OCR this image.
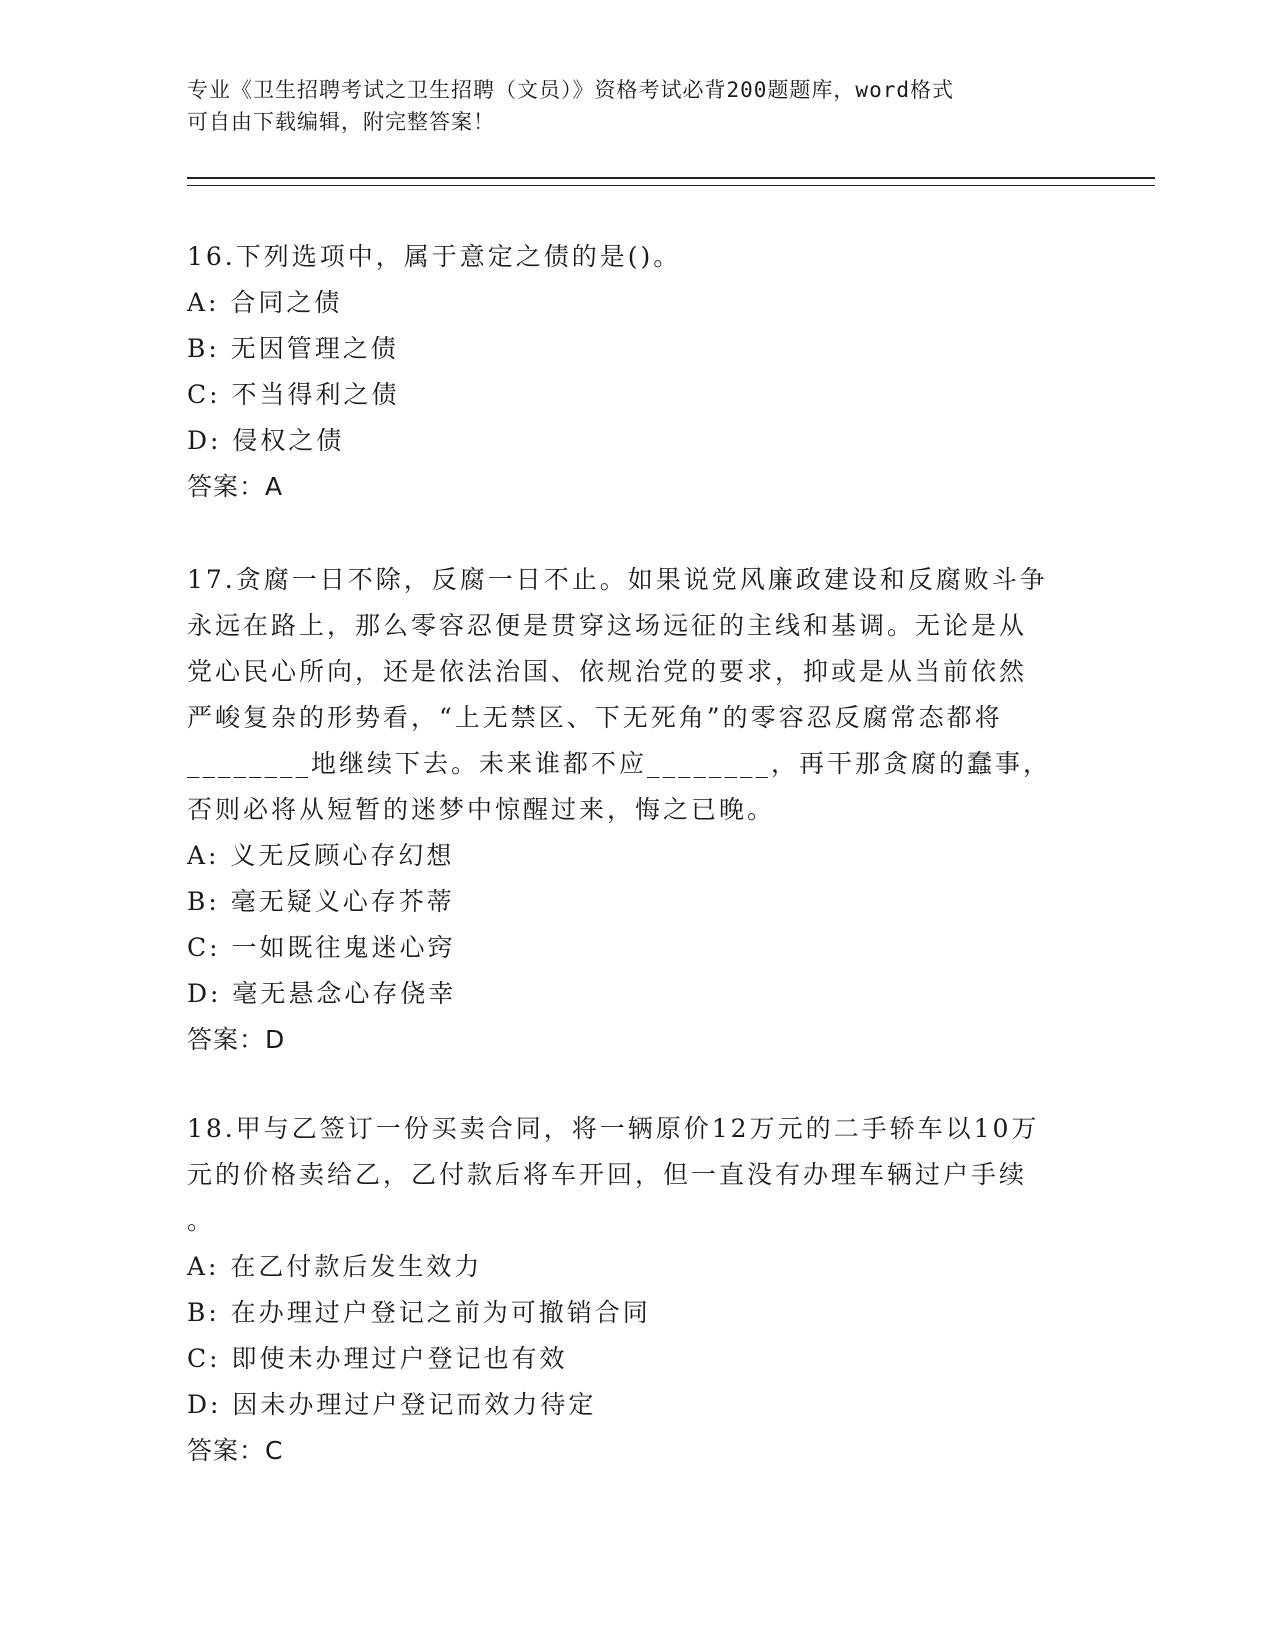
专业《卫生招聘考试之卫生招聘（文员）》资格考试必背200题题库，word格式
可自由下载编辑，附完整答案！
16.下列选项中，属于意定之债的是()。
A: 合同之债
B: 无因管理之债
C: 不当得利之债
D: 侵权之债
答案：A
17.贪腐一日不除，反腐一日不止。如果说党风廉政建设和反腐败斗争
永远在路上，那么零容忍便是贯穿这场远征的主线和基调。无论是从
党心民心所向，还是依法治国、依规治党的要求，抑或是从当前依然
严峻复杂的形势看，“上无禁区、下无死角”的零容忍反腐常态都将
________地继续下去。未来谁都不应________，再干那贪腐的蠢事，
否则必将从短暂的迷梦中惊醒过来，悔之已晚。
A: 义无反顾心存幻想
B: 毫无疑义心存芥蒂
C: 一如既往鬼迷心窍
D: 毫无悬念心存侥幸
答案：D
18.甲与乙签订一份买卖合同，将一辆原价12万元的二手轿车以10万
元的价格卖给乙，乙付款后将车开回，但一直没有办理车辆过户手续
。
A: 在乙付款后发生效力
B: 在办理过户登记之前为可撤销合同
C: 即使未办理过户登记也有效
D: 因未办理过户登记而效力待定
答案：C
